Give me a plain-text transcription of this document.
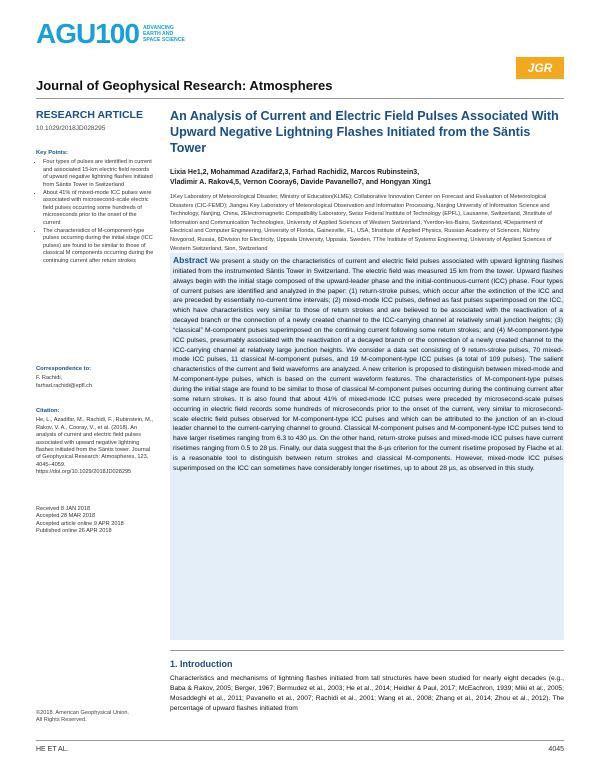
AGU100 ADVANCING
EARTH AND
SPACE SCIENCE
JGR
Journal of Geophysical Research: Atmospheres
RESEARCH ARTICLE
10.1029/2018JD028295
Key Points:
• Four types of pulses are identified in current and associated 15-km electric field records of upward negative lightning flashes initiated from Säntis Tower in Switzerland
• About 41% of mixed-mode ICC pulses were associated with microsecond-scale electric field pulses occurring some hundreds of microseconds prior to the onset of the current
• The characteristics of M-component-type pulses occurring during the initial stage (ICC pulses) are found to be similar to those of classical M components occurring during the continuing current after return strokes
Correspondence to:
F. Rachidi,
farhad.rachidi@epfl.ch
Citation:
He, L., Azadifar, M., Rachidi, F., Rubinstein, M., Rakov, V. A., Cooray, V., et al. (2018). An analysis of current and electric field pulses associated with upward negative lightning flashes initiated from the Säntis tower. Journal of Geophysical Research: Atmospheres, 123, 4045–4059. https://doi.org/10.1029/2018JD028295
Received 8 JAN 2018
Accepted 28 MAR 2018
Accepted article online 9 APR 2018
Published online 26 APR 2018
©2018. American Geophysical Union.
All Rights Reserved.
An Analysis of Current and Electric Field Pulses Associated With Upward Negative Lightning Flashes Initiated from the Säntis Tower
Lixia He1,2, Mohammad Azadifar2,3, Farhad Rachidi2, Marcos Rubinstein3,
Vladimir A. Rakov4,5, Vernon Cooray6, Davide Pavanello7, and Hongyan Xing1
1Key Laboratory of Meteorological Disaster, Ministry of Education(KLME); Collaborative Innovation Center on Forecast and Evaluation of Meteorological Disasters (CIC-FEMD); Jiangsu Key Laboratory of Meteorological Observation and Information Processing, Nanjing University of Information Science and Technology, Nanjing, China, 2Electromagnetic Compatibility Laboratory, Swiss Federal Institute of Technology (EPFL), Lausanne, Switzerland, 3Institute of Information and Communication Technologies, University of Applied Sciences of Western Switzerland, Yverdon-les-Bains, Switzerland, 4Department of Electrical and Computer Engineering, University of Florida, Gainesville, FL, USA, 5Institute of Applied Physics, Russian Academy of Sciences, Nizhny Novgorod, Russia, 6Division for Electricity, Uppsala University, Uppsala, Sweden, 7The Institute of Systems Engineering, University of Applied Sciences of Western Switzerland, Sion, Switzerland
Abstract We present a study on the characteristics of current and electric field pulses associated with upward lightning flashes initiated from the instrumented Säntis Tower in Switzerland. The electric field was measured 15 km from the tower. Upward flashes always begin with the initial stage composed of the upward-leader phase and the initial-continuous-current (ICC) phase. Four types of current pulses are identified and analyzed in the paper: (1) return-stroke pulses, which occur after the extinction of the ICC and are preceded by essentially no-current time intervals; (2) mixed-mode ICC pulses, defined as fast pulses superimposed on the ICC, which have characteristics very similar to those of return strokes and are believed to be associated with the reactivation of a decayed branch or the connection of a newly created channel to the ICC-carrying channel at relatively small junction heights; (3) “classical” M-component pulses superimposed on the continuing current following some return strokes; and (4) M-component-type ICC pulses, presumably associated with the reactivation of a decayed branch or the connection of a newly created channel to the ICC-carrying channel at relatively large junction heights. We consider a data set consisting of 9 return-stroke pulses, 70 mixed-mode ICC pulses, 11 classical M-component pulses, and 19 M-component-type ICC pulses (a total of 109 pulses). The salient characteristics of the current and field waveforms are analyzed. A new criterion is proposed to distinguish between mixed-mode and M-component-type pulses, which is based on the current waveform features. The characteristics of M-component-type pulses during the initial stage are found to be similar to those of classical M-component pulses occurring during the continuing current after some return strokes. It is also found that about 41% of mixed-mode ICC pulses were preceded by microsecond-scale pulses occurring in electric field records some hundreds of microseconds prior to the onset of the current, very similar to microsecond-scale electric field pulses observed for M-component-type ICC pulses and which can be attributed to the junction of an in-cloud leader channel to the current-carrying channel to ground. Classical M-component pulses and M-component-type ICC pulses tend to have larger risetimes ranging from 6.3 to 430 µs. On the other hand, return-stroke pulses and mixed-mode ICC pulses have current risetimes ranging from 0.5 to 28 µs. Finally, our data suggest that the 8-µs criterion for the current risetime proposed by Flache et al. is a reasonable tool to distinguish between return strokes and classical M-components. However, mixed-mode ICC pulses superimposed on the ICC can sometimes have considerably longer risetimes, up to about 28 µs, as observed in this study.
1. Introduction
Characteristics and mechanisms of lightning flashes initiated from tall structures have been studied for nearly eight decades (e.g., Baba & Rakov, 2005; Berger, 1967; Bermudez et al., 2003; He et al., 2014; Heidler & Paul, 2017; McEachron, 1939; Miki et al., 2005; Mosaddeghi et al., 2011; Pavanello et al., 2007; Rachidi et al., 2001; Wang et al., 2008; Zhang et al., 2014; Zhou et al., 2012). The percentage of upward flashes initiated from
HE ET AL.	4045
